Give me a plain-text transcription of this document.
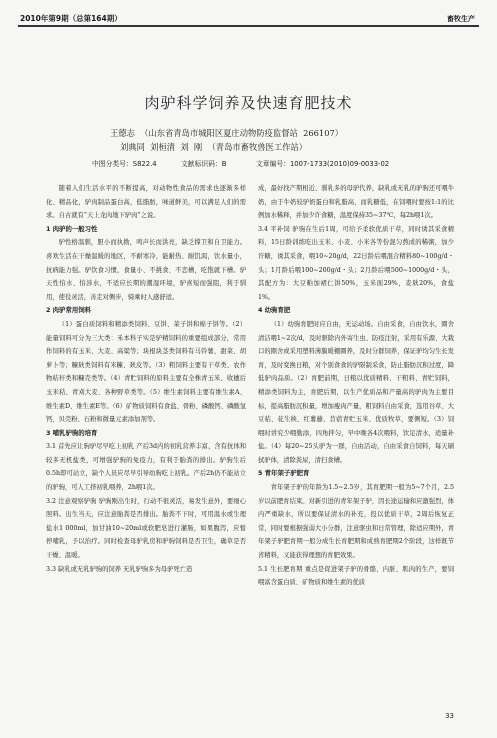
2010年第9期（总第164期）	畜牧生产
肉驴科学饲养及快速育肥技术
王德志  （山东省青岛市城阳区夏庄动物防疫监督站  266107）
刘典同  刘桓清  刘  刚  （青岛市畜牧兽医工作站）
中图分类号：S822.4	文献标识码：B	文章编号：1007-1733(2010)09-0033-02

随着人们生活水平的不断提高，对动物性食品的需求也逐渐多样化、精品化，驴肉制品蛋白高，低脂肪，味道鲜美，可以满足人们的需求。自古就有“天上龙肉地下驴肉”之说。

1 肉驴的一般习性

驴性格温驯，胆小而执拗，鸣声长而洪亮，缺乏撑卫和自卫能力。喜欢生活在干燥温暖的地区，不耐寒冷，能耐热、耐饥渴，饮水量小，抗病能力强。驴饮食习惯，食量小、不挑食、不恋槽，吃饱就下槽。驴天性怕水、怕涉水，不适应长期的潮湿环境，驴喜短而强阻，利于驯用，使役灵活，善走对侧步，骑乘时人感舒适。

2 肉驴常用饲料

（1）蛋白质饲料和精添类饲料、豆饼、菜子饼和棉子饼等。（2）能量饲料可分为三大类：禾本科子实是驴精饲料的重要组成部分，常用作饲料的有玉米、大麦、高粱等；块根块茎类饲料有马铃薯、甜菜、胡萝卜等；糠麸类饲料有米糠、麸皮等。（3）粗饲料主要有干草类、农作物秸秆类和糠壳类等。（4）青贮饲料的原料主要有全株青玉米、收穗后玉米秸、青刈大麦、各种野草类等。（5）维生素饲料主要有维生素A、维生素D、维生素E等。（6）矿物质饲料有食盐、骨粉、磷酸钙、磷酸氢钙、贝壳粉、石粉和微量元素添加剂等。

3 哺乳驴驹的培育

3.1 首先应让驹驴尽早吃上初乳 产后3d内的初乳营养丰富，含有抗体和较多无机盐类，可增强驴驹的免疫力，有利于胎粪的排出。驴驹生后0.5h即可站立，缺个人员应尽早引导幼驹吃上初乳。产后2h仍不能站立的驴驹，可人工挤初乳喂养，2h喂1次。

3.2 注意观察驴驹 驴驹刚出生时，行动不很灵活，易发生意外，要细心照料。出生当天，应注意胎粪是否排出。胎粪不下时，可用温水或生理盐水1 000ml，加甘油10~20ml或软肥皂进行灌肠，如果腹泻，应暂停哺乳，予以治疗。同时检查母驴乳房和驴驹饲料是否卫生，确草是否干燥、温暖。

3.3 缺乳或无乳驴驹的饲养 无乳驴驹多为母驴死亡造

成，最好找产期相近、驯乳多的母驴代养，缺乳或无乳的驴驹还可喂牛奶，由于牛奶较驴奶蛋白和乳脂高，而乳糖低，在饲喂时要按1:1的比例加水稀释，并加少许食糖，温度保持35~37℃，每2h喂1次。

3.4 平补饲 驴驹在生后1周，可给予柔软优质干草，同时诱其采食精料，15日龄训练吃出玉米、小麦、小米各等份混匀熬成的稀粥，加少许糖，诱其采食，喂10~20g/d，22日龄后喂混合精料80~100g/d・头；1月龄后喂100~200g/d・头；2月龄后喂500~1000g/d・头，其配方为：大豆粕加裙仁饼50%，玉米面29%，麦麸20%，食盐1%。

4 幼驹育肥

（1）幼驹育肥时应自由，无运动场。自由采食，自由饮水，圈舍清洁喂1~2次/d，及时驱除内外寄生虫、防疫注射，采用有乐源、大栽口的圈舍或采用塑料薄膜暖棚圈养，及时分群饲养，保证驴均匀生长发育，及时变换日粮，对个别食食的驴限制采食，防止脂肪沉积过度，降低驴肉品质。（2）育肥前期，日粮以优质精料、干粗料、青贮饲料，精添类饲料为主，育肥后期，以生产优质品和产量高的驴肉为主要目标，提高脂肪沉积量，增加瘦肉产量，粗饲料自由采食，选用谷草、大豆秸、花生秧、红薯藤、苜蓿青贮玉米、优质牧草，要侧短。（3）饲喂时讲究少喂勤添，四角拌匀，早中晚各4次喂料，饮足清水，适量补盐。（4）每20~25头驴为一群，自由活动，自由采食自饲料，每天刷拭驴体，清除粪尿，清扫食槽。

5 青年架子驴肥育

青年架子驴的年龄为1.5~2.5岁，其育肥期一般为5~7个月，2.5岁以前肥育结束。对新引进的青年架子驴，因长途运输和应激强烈，体内严重缺水，所以要保证清水的补充，投以优质干草，2周后恢复正常，同时要根据强弱大小分群，注意驱虫和日常管理，除适应期外，青年架子驴肥育期一般分成生长育肥期和成熟育肥期2个阶段，这样既节省精料，又能获得理想的育肥效果。

5.1 生长肥育期 重点是促进架子驴的骨骼、内脏、肌肉的生产，要饲喂富含蛋白质、矿物质和维生素的优质

33
